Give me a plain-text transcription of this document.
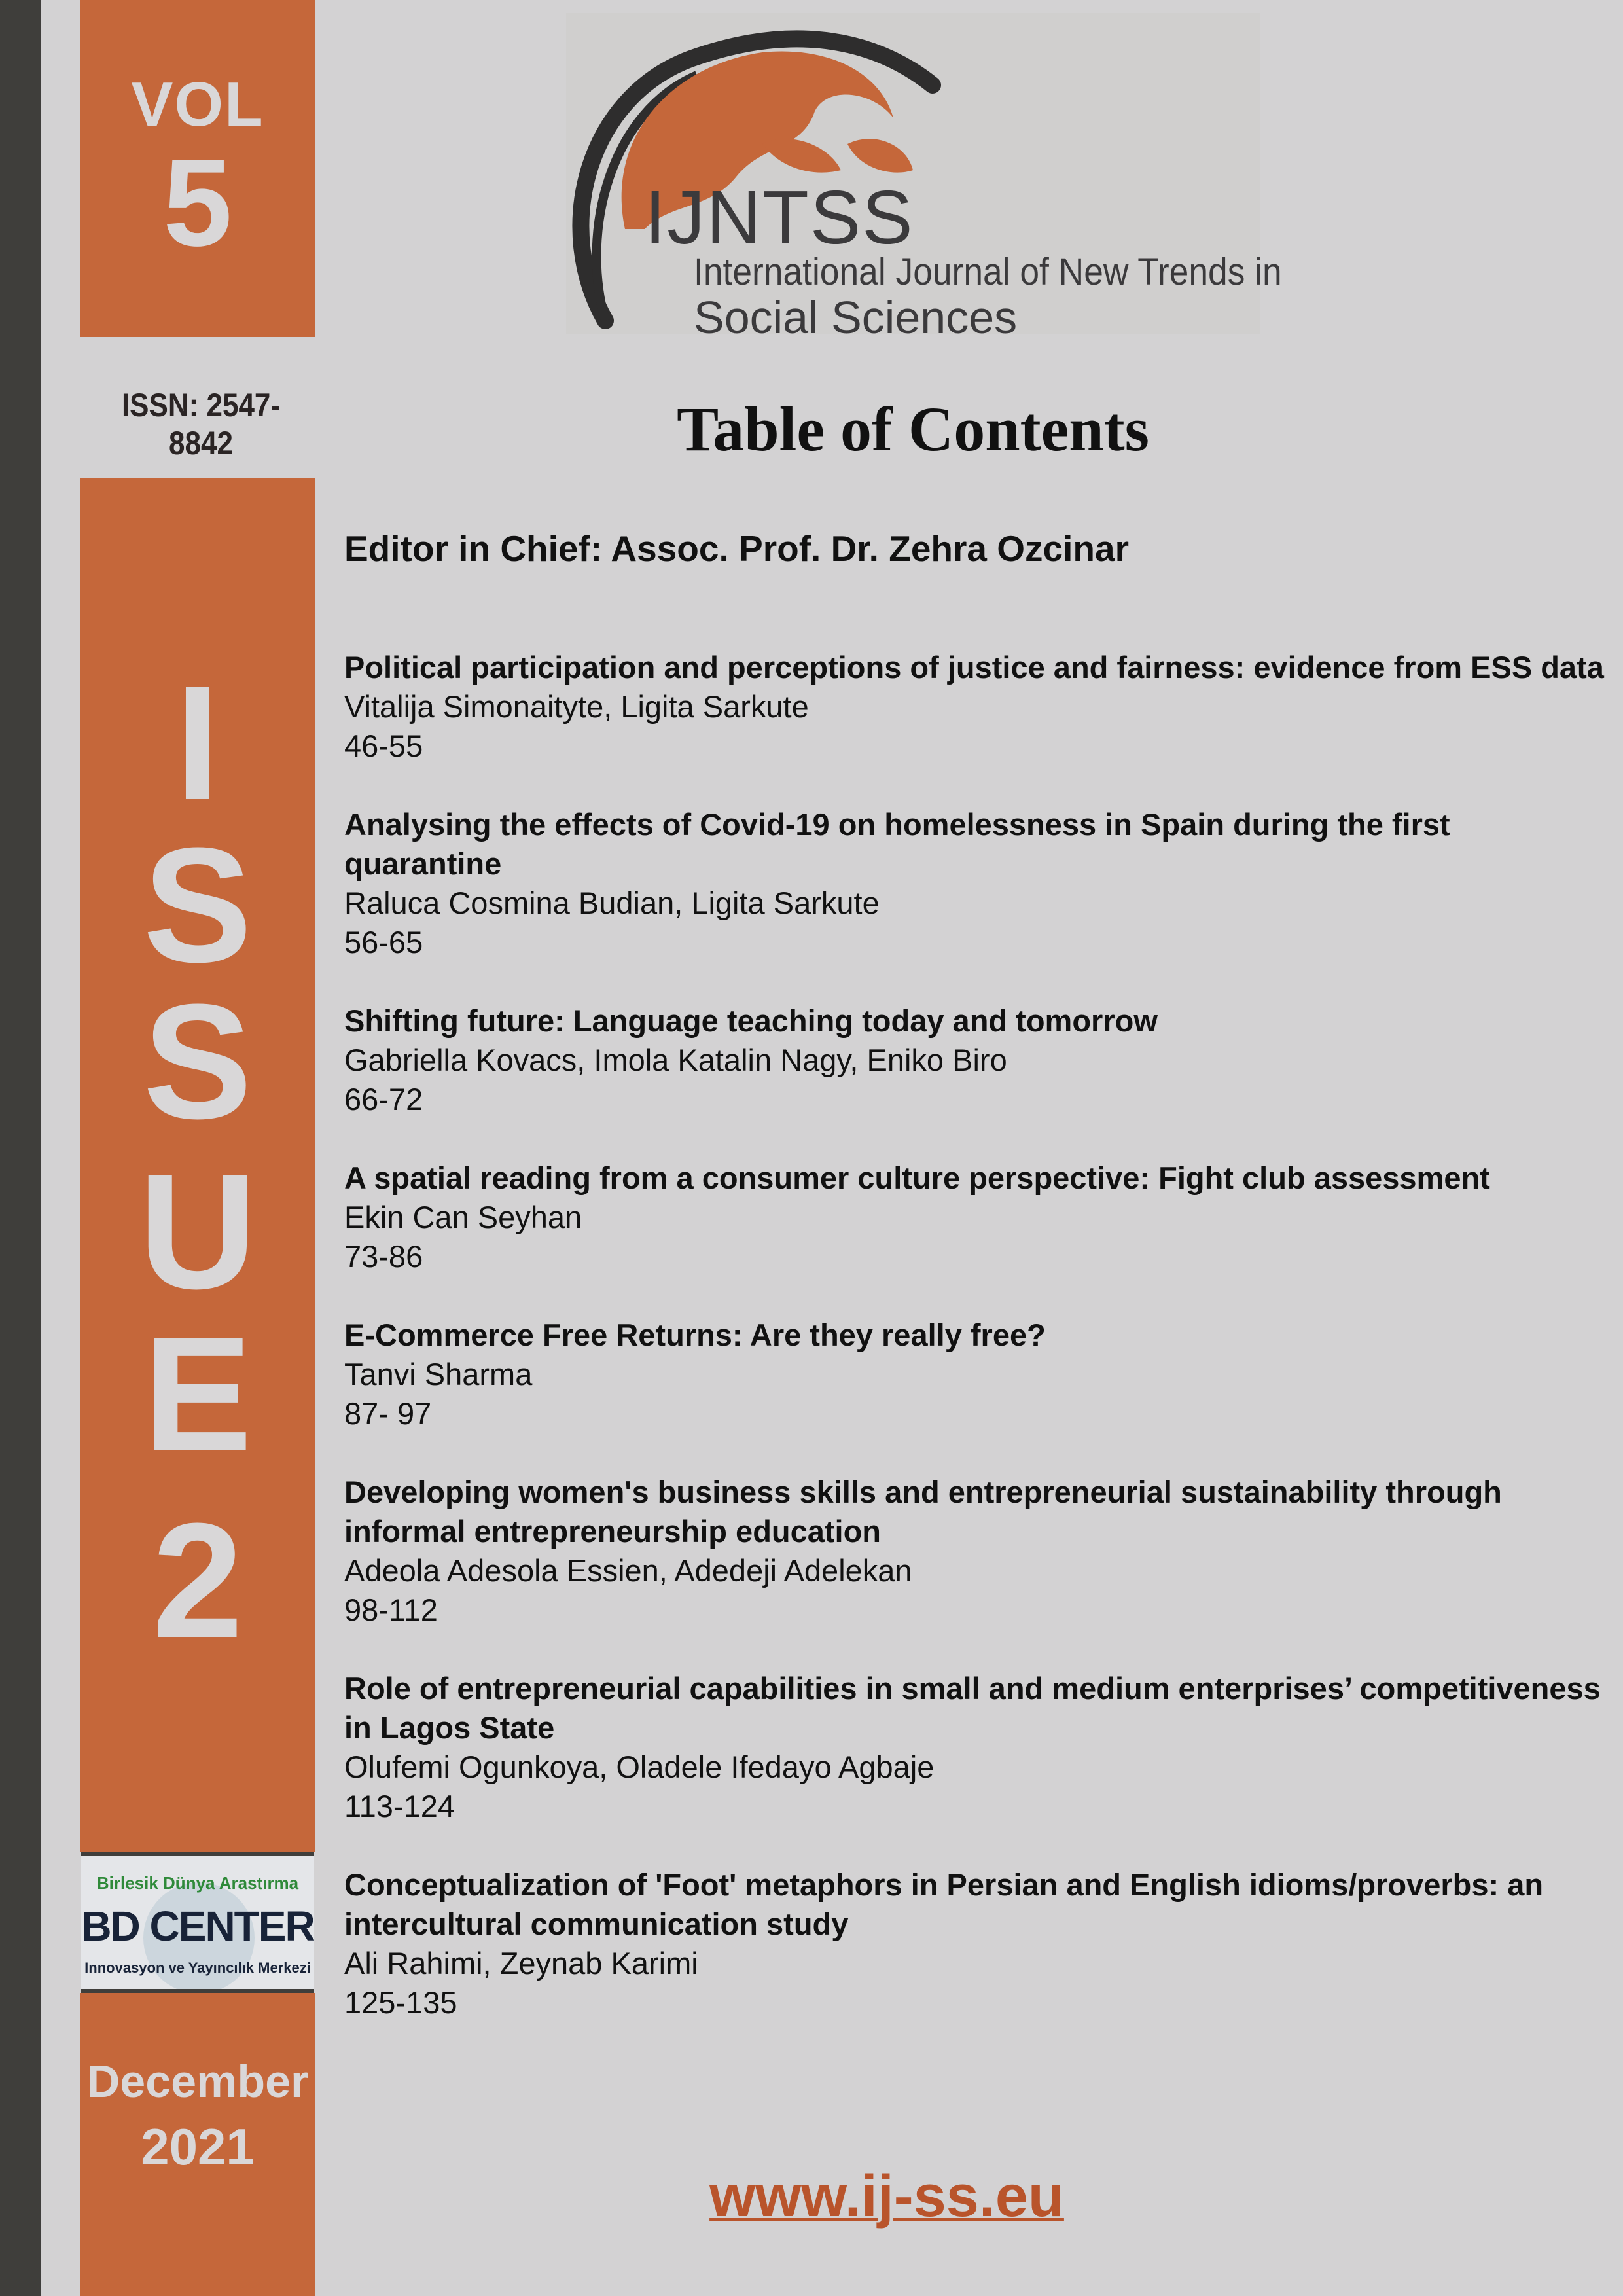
VOL
5
ISSN: 2547-8842
I
S
S
U
E
2
Birlesik Dünya Arastırma
BD CENTER
Innovasyon ve Yayıncılık Merkezi
December
2021
IJNTSS
International Journal of New Trends in
Social Sciences
Table of Contents
Editor in Chief: Assoc. Prof. Dr. Zehra Ozcinar
Political participation and perceptions of justice and fairness: evidence from ESS data
Vitalija Simonaityte, Ligita Sarkute
46-55
Analysing the effects of Covid-19 on homelessness in Spain during the first quarantine
Raluca Cosmina Budian, Ligita Sarkute
56-65
Shifting future: Language teaching today and tomorrow
Gabriella Kovacs, Imola Katalin Nagy, Eniko Biro
66-72
A spatial reading from a consumer culture perspective: Fight club assessment
Ekin Can Seyhan
73-86
E-Commerce Free Returns: Are they really free?
Tanvi Sharma
87- 97
Developing women's business skills and entrepreneurial sustainability through informal entrepreneurship education
Adeola Adesola Essien, Adedeji Adelekan
98-112
Role of entrepreneurial capabilities in small and medium enterprises’ competitiveness in Lagos State
Olufemi Ogunkoya, Oladele Ifedayo Agbaje
113-124
Conceptualization of 'Foot' metaphors in Persian and English idioms/proverbs: an intercultural communication study
Ali Rahimi, Zeynab Karimi
125-135
www.ij-ss.eu
